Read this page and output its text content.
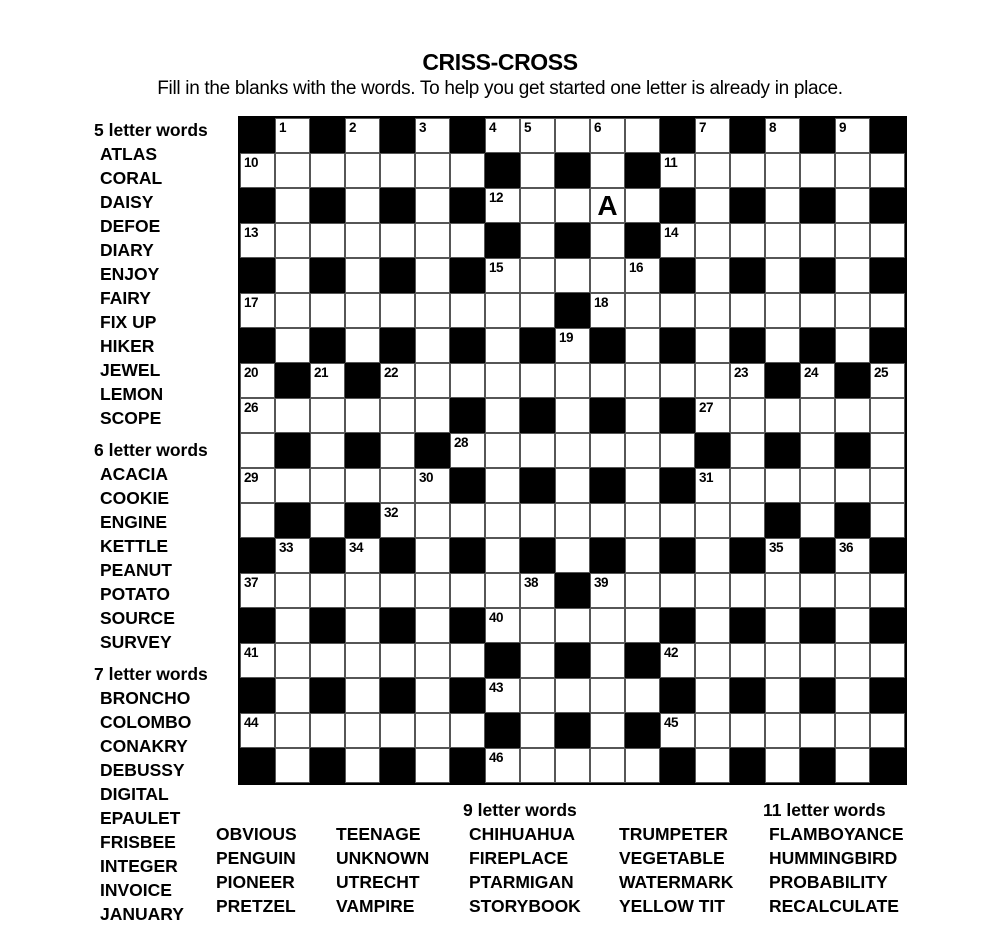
CRISS-CROSS
Fill in the blanks with the words. To help you get started one letter is already in place.
1	2	3	4 5	6	7	8	9
10	11
12	A
13	14
15	16
17	18
19
20	21	22	23	24	25
26	27
28
29	30	31
32
33	34	35	36
37	38	39
40
41	42
43
44	45
46
5 letter words
ATLAS
CORAL
DAISY
DEFOE
DIARY
ENJOY
FAIRY
FIX UP
HIKER
JEWEL
LEMON
SCOPE
6 letter words
ACACIA
COOKIE
ENGINE
KETTLE
PEANUT
POTATO
SOURCE
SURVEY
7 letter words
BRONCHO
COLOMBO
CONAKRY
DEBUSSY
DIGITAL
EPAULET
FRISBEE
INTEGER
INVOICE
JANUARY
OBVIOUS
PENGUIN
PIONEER
PRETZEL
TEENAGE
UNKNOWN
UTRECHT
VAMPIRE
9 letter words
CHIHUAHUA
FIREPLACE
PTARMIGAN
STORYBOOK
TRUMPETER
VEGETABLE
WATERMARK
YELLOW TIT
11 letter words
FLAMBOYANCE
HUMMINGBIRD
PROBABILITY
RECALCULATE
